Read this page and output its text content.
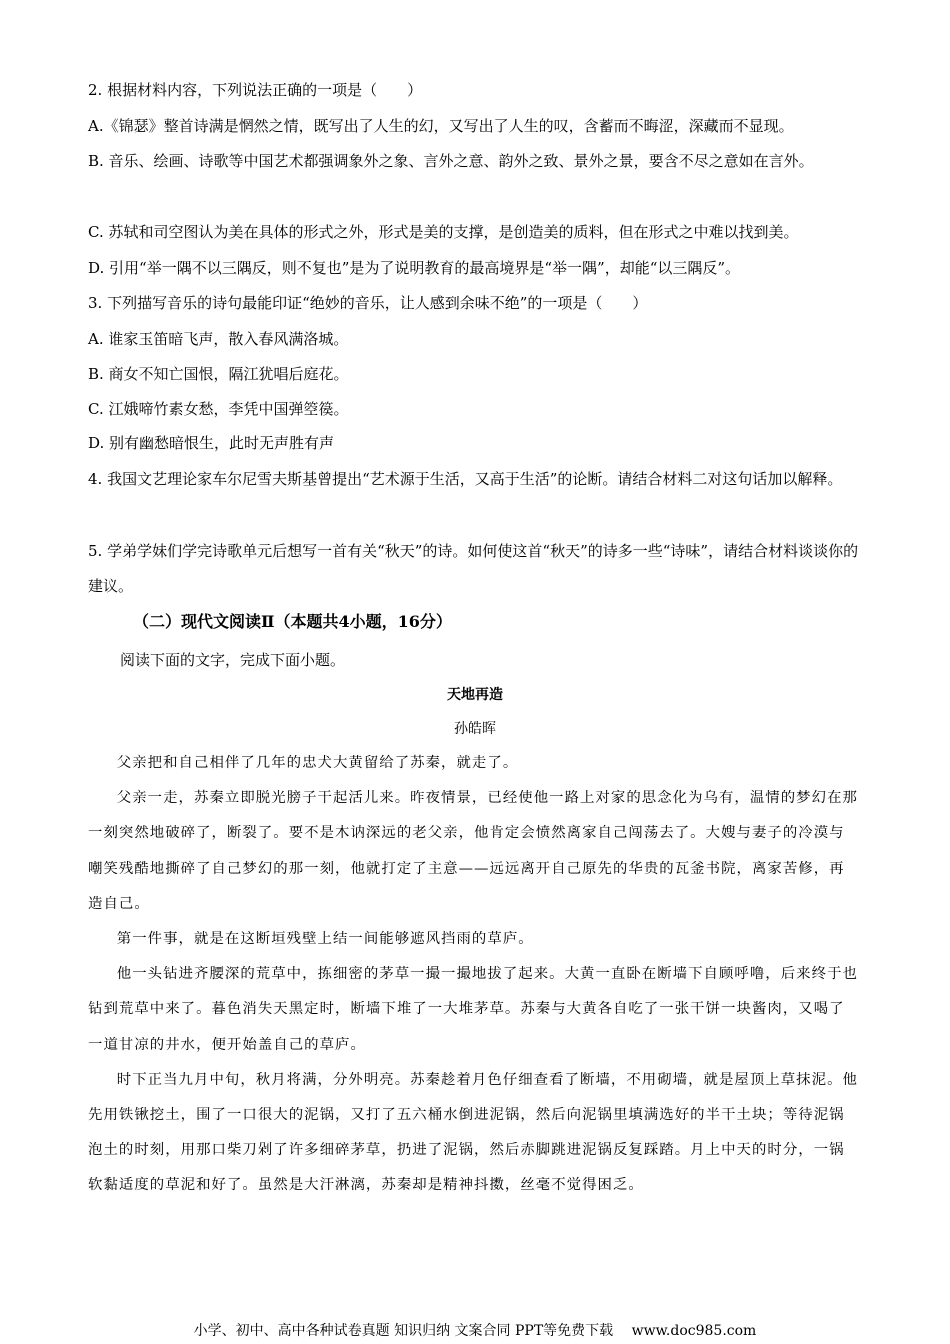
2. 根据材料内容，下列说法正确的一项是（　　）
A.《锦瑟》整首诗满是惘然之情，既写出了人生的幻，又写出了人生的叹，含蓄而不晦涩，深藏而不显现。
B. 音乐、绘画、诗歌等中国艺术都强调象外之象、言外之意、韵外之致、景外之景，要含不尽之意如在言外。
C. 苏轼和司空图认为美在具体的形式之外，形式是美的支撑，是创造美的质料，但在形式之中难以找到美。
D. 引用“举一隅不以三隅反，则不复也”是为了说明教育的最高境界是“举一隅”，却能“以三隅反”。
3. 下列描写音乐的诗句最能印证“绝妙的音乐，让人感到余味不绝”的一项是（　　）
A. 谁家玉笛暗飞声，散入春风满洛城。
B. 商女不知亡国恨，隔江犹唱后庭花。
C. 江娥啼竹素女愁，李凭中国弹箜篌。
D. 别有幽愁暗恨生，此时无声胜有声
4. 我国文艺理论家车尔尼雪夫斯基曾提出“艺术源于生活，又高于生活”的论断。请结合材料二对这句话加以解释。
5. 学弟学妹们学完诗歌单元后想写一首有关“秋天”的诗。如何使这首“秋天”的诗多一些“诗味”，请结合材料谈谈你的建议。
（二）现代文阅读Ⅱ（本题共4小题，16分）
阅读下面的文字，完成下面小题。
天地再造
孙皓晖

父亲把和自己相伴了几年的忠犬大黄留给了苏秦，就走了。

父亲一走，苏秦立即脱光膀子干起活儿来。昨夜情景，已经使他一路上对家的思念化为乌有，温情的梦幻在那一刻突然地破碎了，断裂了。要不是木讷深远的老父亲，他肯定会愤然离家自己闯荡去了。大嫂与妻子的冷漠与嘲笑残酷地撕碎了自己梦幻的那一刻，他就打定了主意——远远离开自己原先的华贵的瓦釜书院，离家苦修，再造自己。

第一件事，就是在这断垣残壁上结一间能够遮风挡雨的草庐。

他一头钻进齐腰深的荒草中，拣细密的茅草一撮一撮地拔了起来。大黄一直卧在断墙下自顾呼噜，后来终于也钻到荒草中来了。暮色消失天黑定时，断墙下堆了一大堆茅草。苏秦与大黄各自吃了一张干饼一块酱肉，又喝了一道甘凉的井水，便开始盖自己的草庐。

时下正当九月中旬，秋月将满，分外明亮。苏秦趁着月色仔细查看了断墙，不用砌墙，就是屋顶上草抹泥。他先用铁锹挖土，围了一口很大的泥锅，又打了五六桶水倒进泥锅，然后向泥锅里填满选好的半干土块；等待泥锅泡土的时刻，用那口柴刀剁了许多细碎茅草，扔进了泥锅，然后赤脚跳进泥锅反复踩踏。月上中天的时分，一锅软黏适度的草泥和好了。虽然是大汗淋漓，苏秦却是精神抖擞，丝毫不觉得困乏。

小学、初中、高中各种试卷真题 知识归纳 文案合同 PPT等免费下载　 www.doc985.com
